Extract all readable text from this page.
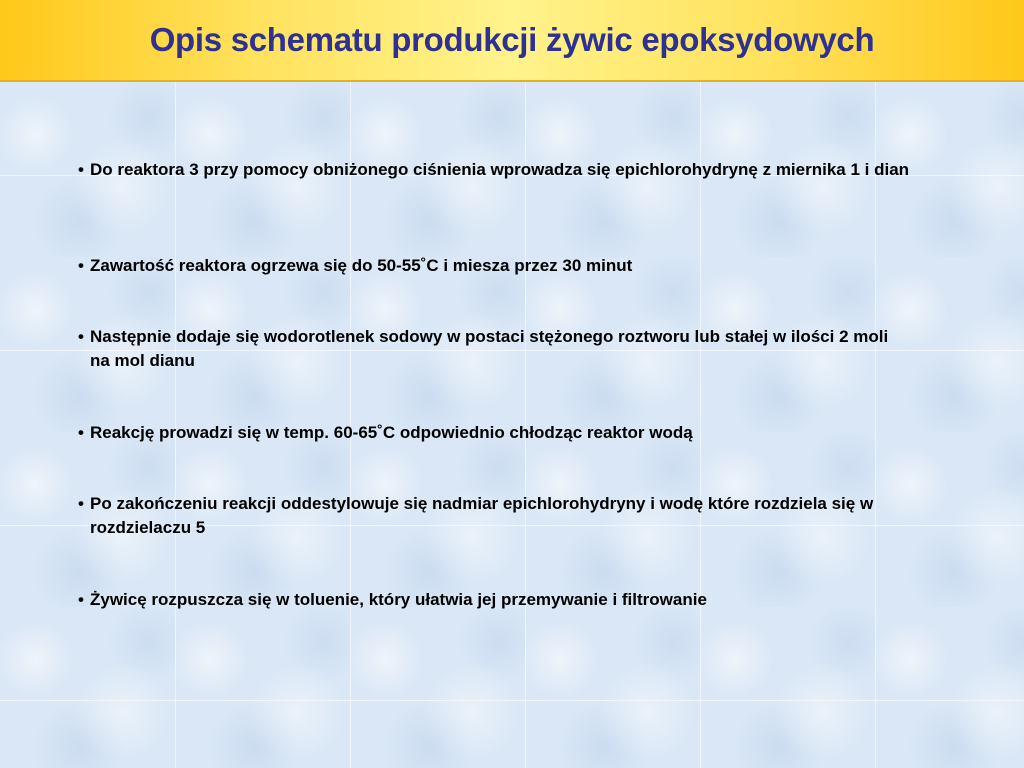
Opis schematu produkcji żywic epoksydowych
• Do reaktora 3 przy pomocy obniżonego ciśnienia wprowadza się epichlorohydrynę z miernika 1 i dian
• Zawartość reaktora ogrzewa się do 50-55˚C i miesza przez 30 minut
• Następnie dodaje się wodorotlenek sodowy w postaci stężonego roztworu lub stałej w ilości 2 moli na mol dianu
• Reakcję prowadzi się w temp. 60-65˚C odpowiednio chłodząc reaktor wodą
• Po zakończeniu reakcji oddestylowuje się nadmiar epichlorohydryny i wodę które rozdziela się w rozdzielaczu 5
• Żywicę rozpuszcza się w toluenie, który ułatwia jej przemywanie i filtrowanie
